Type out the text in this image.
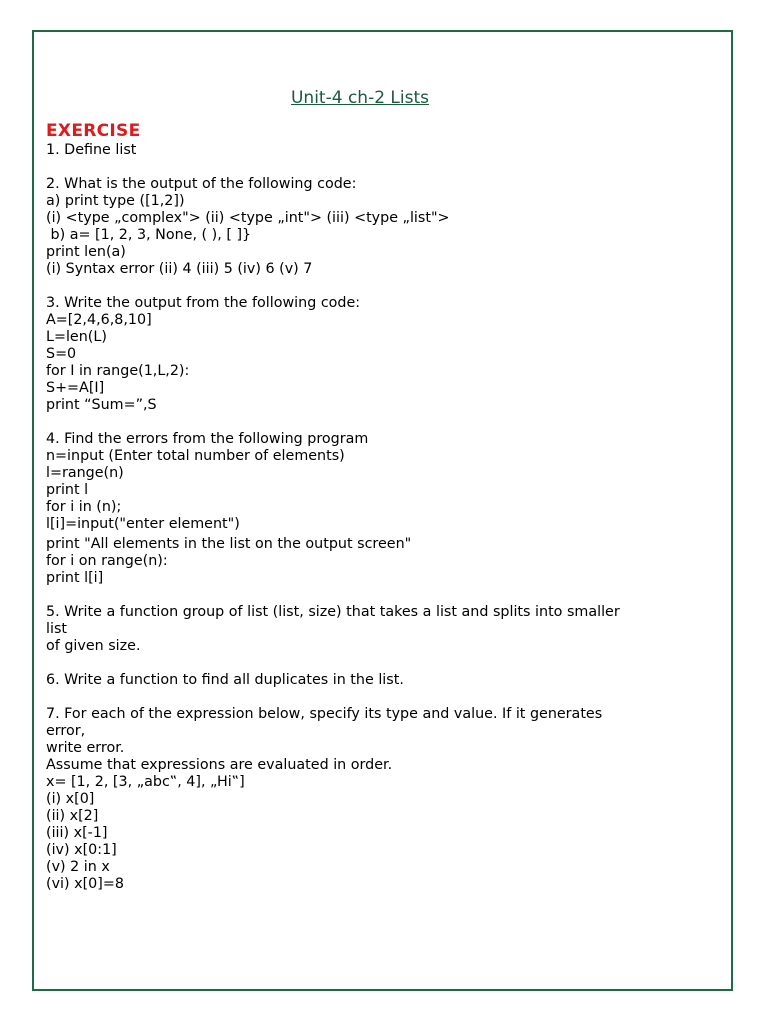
Unit-4 ch-2 Lists
EXERCISE
1. Define list
2. What is the output of the following code:
a) print type ([1,2])
(i) <type „complex"> (ii) <type „int"> (iii) <type „list">
b) a= [1, 2, 3, None, ( ), [ ]}
print len(a)
(i) Syntax error (ii) 4 (iii) 5 (iv) 6 (v) 7
3. Write the output from the following code:
A=[2,4,6,8,10]
L=len(L)
S=0
for I in range(1,L,2):
S+=A[I]
print “Sum=”,S
4. Find the errors from the following program
n=input (Enter total number of elements)
l=range(n)
print l
for i in (n);
l[i]=input("enter element")
print "All elements in the list on the output screen"
for i on range(n):
print l[i]
5. Write a function group of list (list, size) that takes a list and splits into smaller
list
of given size.
6. Write a function to find all duplicates in the list.
7. For each of the expression below, specify its type and value. If it generates
error,
write error.
Assume that expressions are evaluated in order.
x= [1, 2, [3, „abc‟, 4], „Hi‟]
(i) x[0]
(ii) x[2]
(iii) x[-1]
(iv) x[0:1]
(v) 2 in x
(vi) x[0]=8
